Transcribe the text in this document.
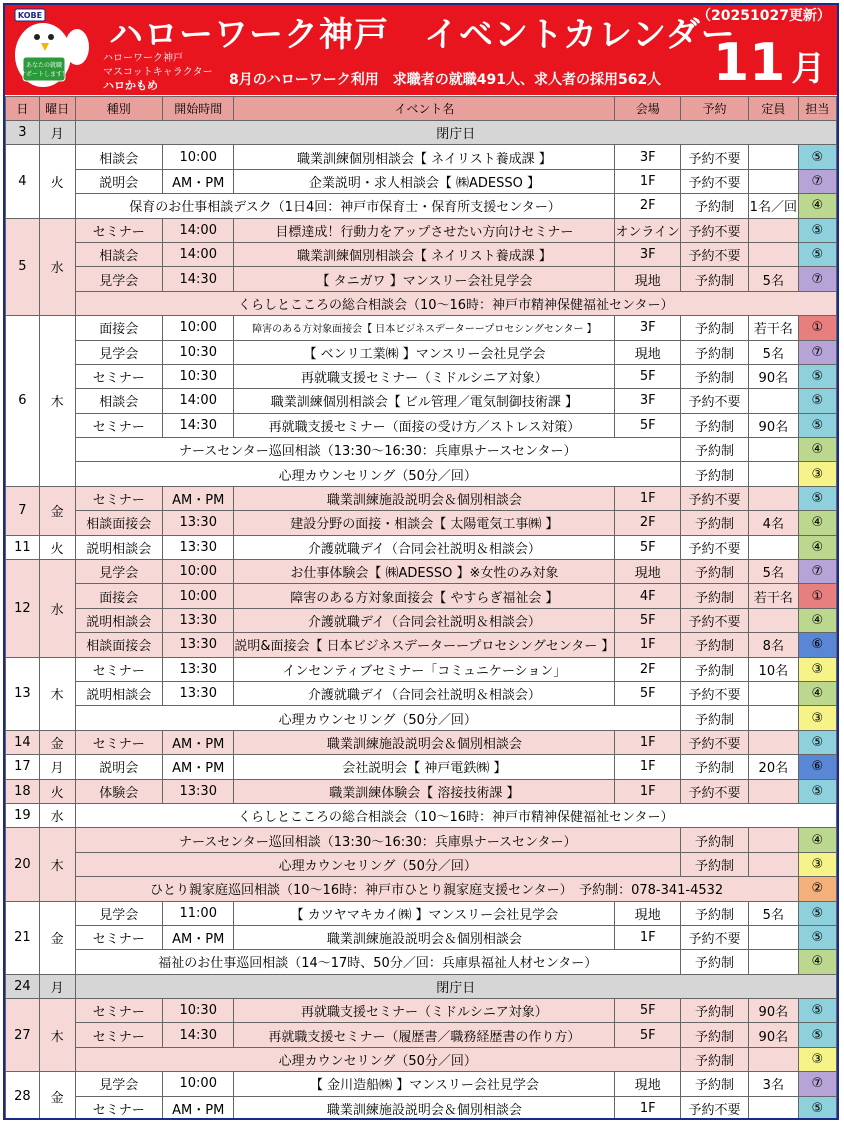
KOBE
あなたの就職
サポートします！
ハローワーク神戸　イベントカレンダー
（20251027更新）
ハローワーク神戸
マスコットキャラクター
ハロかもめ	8月のハローワーク利用　求職者の就職491人、求人者の採用562人 11 月
日	曜日	種別	開始時間	イベント名	会場	予約	定員	担当
3	月	閉庁日						
4	火	相談会	10:00	職業訓練個別相談会【 ネイリスト養成課 】	3F	予約不要		⑤
		説明会	AM・PM	企業説明・求人相談会【 ㈱ADESSO 】	1F	予約不要		⑦
		保育のお仕事相談デスク（1日4回：神戸市保育士・保育所支援センター）			2F	予約制	1名／回	④
5	水	セミナー	14:00	目標達成！行動力をアップさせたい方向けセミナー	オンライン	予約不要		⑤
		相談会	14:00	職業訓練個別相談会【 ネイリスト養成課 】	3F	予約不要		⑤
		見学会	14:30	【 タニガワ 】マンスリー会社見学会	現地	予約制	5名	⑦
		くらしとこころの総合相談会（10～16時：神戸市精神保健福祉センター）						
6	木	面接会	10:00	障害のある方対象面接会【 日本ビジネスデーターープロセシングセンター 】	3F	予約制	若干名	①
		見学会	10:30	【 ベンリ工業㈱ 】マンスリー会社見学会	現地	予約制	5名	⑦
		セミナー	10:30	再就職支援セミナー（ミドルシニア対象）	5F	予約制	90名	⑤
		相談会	14:00	職業訓練個別相談会【 ビル管理／電気制御技術課 】	3F	予約不要		⑤
		セミナー	14:30	再就職支援セミナー（面接の受け方／ストレス対策）	5F	予約制	90名	⑤
		ナースセンター巡回相談（13:30～16:30：兵庫県ナースセンター）				予約制		④
		心理カウンセリング（50分／回）				予約制		③
7	金	セミナー	AM・PM	職業訓練施設説明会＆個別相談会	1F	予約不要		⑤
		相談面接会	13:30	建設分野の面接・相談会【 太陽電気工事㈱ 】	2F	予約制	4名	④
11	火	説明相談会	13:30	介護就職デイ（合同会社説明＆相談会）	5F	予約不要		④
12	水	見学会	10:00	お仕事体験会【 ㈱ADESSO 】※女性のみ対象	現地	予約制	5名	⑦
		面接会	10:00	障害のある方対象面接会【 やすらぎ福祉会 】	4F	予約制	若干名	①
		説明相談会	13:30	介護就職デイ（合同会社説明＆相談会）	5F	予約不要		④
		相談面接会	13:30	説明&面接会【 日本ビジネスデーターープロセシングセンター 】	1F	予約制	8名	⑥
13	木	セミナー	13:30	インセンティブセミナー「コミュニケーション」	2F	予約制	10名	③
		説明相談会	13:30	介護就職デイ（合同会社説明＆相談会）	5F	予約不要		④
		心理カウンセリング（50分／回）				予約制		③
14	金	セミナー	AM・PM	職業訓練施設説明会＆個別相談会	1F	予約不要		⑤
17	月	説明会	AM・PM	会社説明会【 神戸電鉄㈱ 】	1F	予約制	20名	⑥
18	火	体験会	13:30	職業訓練体験会【 溶接技術課 】	1F	予約不要		⑤
19	水	くらしとこころの総合相談会（10～16時：神戸市精神保健福祉センター）						
20	木	ナースセンター巡回相談（13:30～16:30：兵庫県ナースセンター）				予約制		④
		心理カウンセリング（50分／回）				予約制		③
		ひとり親家庭巡回相談（10～16時：神戸市ひとり親家庭支援センター）　予約制：078-341-4532						②
21	金	見学会	11:00	【 カツヤマキカイ㈱ 】マンスリー会社見学会	現地	予約制	5名	⑤
		セミナー	AM・PM	職業訓練施設説明会＆個別相談会	1F	予約不要		⑤
		福祉のお仕事巡回相談（14～17時、50分／回：兵庫県福祉人材センター）				予約制		④
24	月	閉庁日						
27	木	セミナー	10:30	再就職支援セミナー（ミドルシニア対象）	5F	予約制	90名	⑤
		セミナー	14:30	再就職支援セミナー（履歴書／職務経歴書の作り方）	5F	予約制	90名	⑤
		心理カウンセリング（50分／回）				予約制		③
28	金	見学会	10:00	【 金川造船㈱ 】マンスリー会社見学会	現地	予約制	3名	⑦
		セミナー	AM・PM	職業訓練施設説明会＆個別相談会	1F	予約不要		⑤
